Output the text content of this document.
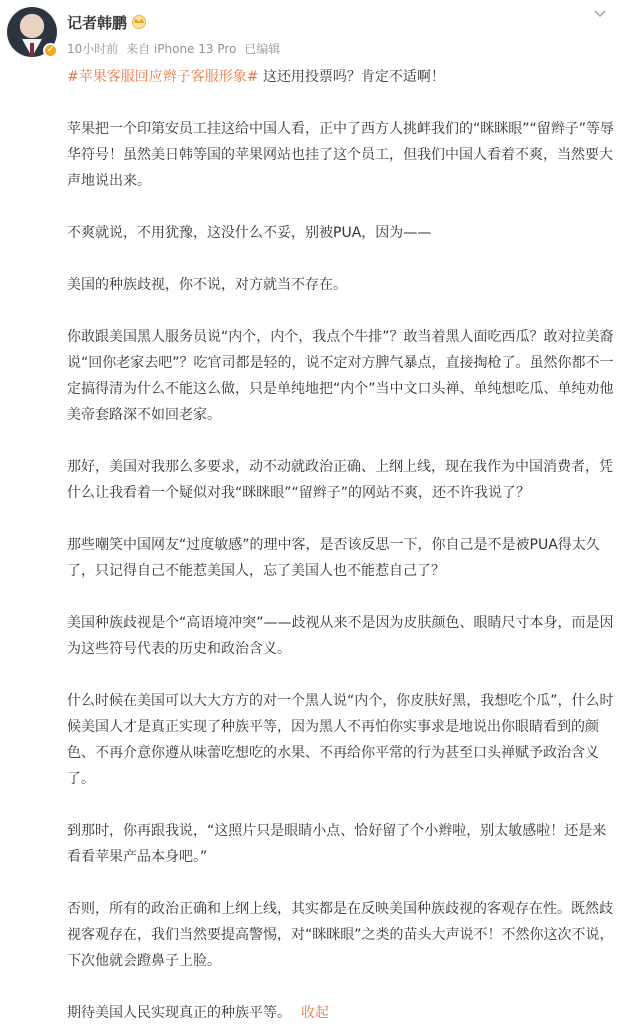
✓
记者韩鹏
10小时前 来自 iPhone 13 Pro 已编辑

#苹果客服回应辫子客服形象# 这还用投票吗？肯定不适啊！

苹果把一个印第安员工挂这给中国人看，正中了西方人挑衅我们的“眯眯眼”“留辫子”等辱华符号！虽然美日韩等国的苹果网站也挂了这个员工，但我们中国人看着不爽，当然要大声地说出来。

不爽就说，不用犹豫，这没什么不妥，别被PUA，因为——

美国的种族歧视，你不说，对方就当不存在。

你敢跟美国黑人服务员说“内个，内个，我点个牛排”？敢当着黑人面吃西瓜？敢对拉美裔说“回你老家去吧”？吃官司都是轻的，说不定对方脾气暴点，直接掏枪了。虽然你都不一定搞得清为什么不能这么做，只是单纯地把“内个”当中文口头禅、单纯想吃瓜、单纯劝他美帝套路深不如回老家。

那好，美国对我那么多要求，动不动就政治正确、上纲上线，现在我作为中国消费者，凭什么让我看着一个疑似对我“眯眯眼”“留辫子”的网站不爽，还不许我说了？

那些嘲笑中国网友“过度敏感”的理中客，是否该反思一下，你自己是不是被PUA得太久了，只记得自己不能惹美国人，忘了美国人也不能惹自己了？

美国种族歧视是个“高语境冲突”——歧视从来不是因为皮肤颜色、眼睛尺寸本身，而是因为这些符号代表的历史和政治含义。

什么时候在美国可以大大方方的对一个黑人说“内个，你皮肤好黑，我想吃个瓜”，什么时候美国人才是真正实现了种族平等，因为黑人不再怕你实事求是地说出你眼睛看到的颜色、不再介意你遵从味蕾吃想吃的水果、不再给你平常的行为甚至口头禅赋予政治含义了。

到那时，你再跟我说，“这照片只是眼睛小点、恰好留了个小辫啦，别太敏感啦！还是来看看苹果产品本身吧。”

否则，所有的政治正确和上纲上线，其实都是在反映美国种族歧视的客观存在性。既然歧视客观存在，我们当然要提高警惕，对“眯眯眼”之类的苗头大声说不！不然你这次不说，下次他就会蹬鼻子上脸。

期待美国人民实现真正的种族平等。 收起
